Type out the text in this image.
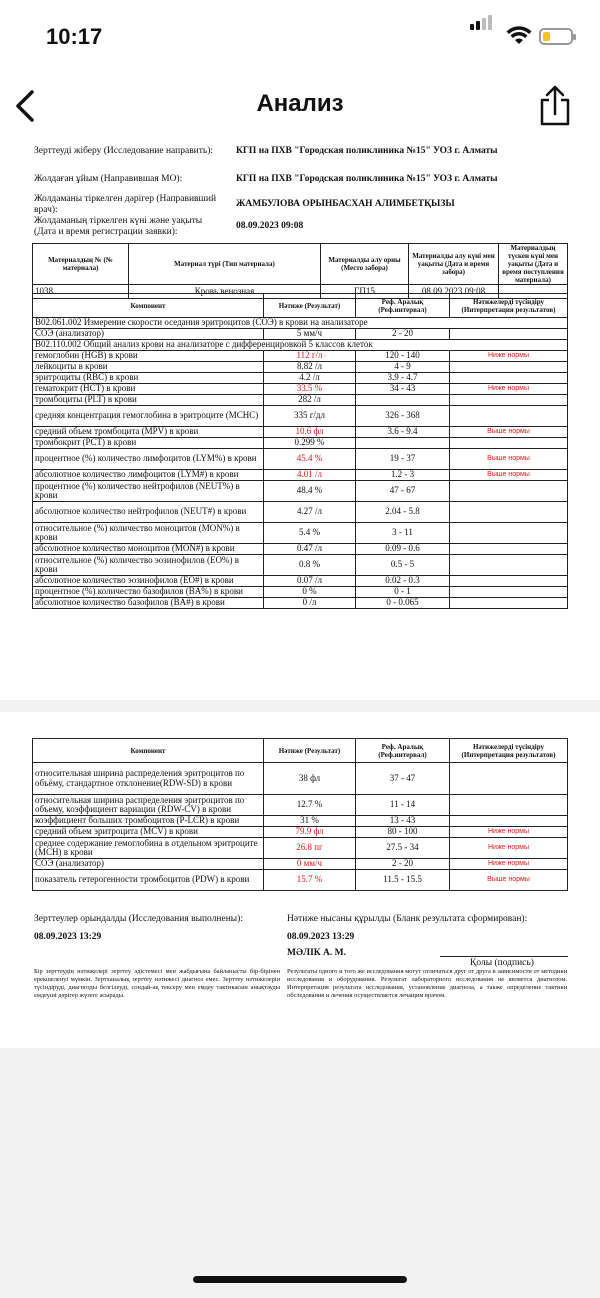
10:17
Анализ
Зерттеуді жіберу (Исследование направить): КГП на ПХВ "Городская поликлиника №15" УОЗ г. Алматы
Жолдаған ұйым (Направившая МО):	КГП на ПХВ "Городская поликлиника №15" УОЗ г. Алматы
Жолдаманы тіркелген дәрігер (Направивший
врач):
ЖАМБУЛОВА ОРЫНБАСХАН АЛИМБЕТҚЫЗЫ
Жолдаманың тіркелген күні және уақыты
(Дата и время регистрации заявки):
08.09.2023 09:08
Материалдың № (№ материала)	Материал түрі (Тип материала)	Материалды алу орны (Место забора)	Материалды алу күні мен уақыты (Дата и время забора)	Материалдың түскен күні мен уақыты (Дата и время поступления материала)
1038	Кровь венозная	ГП15	08.09.2023 09:08	
Компонент	Нәтиже (Результат)	Реф. Аралық (Реф.интервал)	Нәтижелерді түсіндіру (Интерпретация результатов)
В02.061.002 Измерение скорости оседания эритроцитов (СОЭ) в крови на анализаторе			
СОЭ (анализатор)	5 мм/ч	2 - 20	
В02.110.002 Общий анализ крови на анализаторе с дифференцировкой 5 классов клеток			
гемоглобин (HGB) в крови	112 г/л	120 - 140	Ниже нормы
лейкоциты в крови	8.82 /л	4 - 9	
эритроциты (RBC) в крови	4.2 /л	3.9 - 4.7	
гематокрит (HCT) в крови	33.5 %	34 - 43	Ниже нормы
тромбоциты (PLT) в крови	282 /л		
средняя концентрация гемоглобина в эритроците (MCHC)	335 г/дл	326 - 368	
средний объем тромбоцита (MPV) в крови	10.6 фл	3.6 - 9.4	Выше нормы
тромбокрит (PCT) в крови	0.299 %		
процентное (%) количество лимфоцитов (LYM%) в крови	45.4 %	19 - 37	Выше нормы
абсолютное количество лимфоцитов (LYM#) в крови	4.01 /л	1.2 - 3	Выше нормы
процентное (%) количество нейтрофилов (NEUT%) в крови	48.4 %	47 - 67	
абсолютное количество нейтрофилов (NEUT#) в крови	4.27 /л	2.04 - 5.8	
относительное (%) количество моноцитов (MON%) в крови	5.4 %	3 - 11	
абсолютное количество моноцитов (MON#) в крови	0.47 /л	0.09 - 0.6	
относительное (%) количество эозинофилов (EO%) в крови	0.8 %	0.5 - 5	
абсолютное количество эозинофилов (EO#) в крови	0.07 /л	0.02 - 0.3	
процентное (%) количество базофилов (BA%) в крови	0 %	0 - 1	
абсолютное количество базофилов (BA#) в крови	0 /л	0 - 0.065	
Компонент	Нәтиже (Результат)	Реф. Аралық (Реф.интервал)	Нәтижелерді түсіндіру (Интерпретация результатов)
относительная ширина распределения эритроцитов по объёму, стандартное отклонение(RDW-SD) в крови	38 фл	37 - 47	
относительная ширина распределения эритроцитов по объему, коэффициент вариации (RDW-CV) в крови	12.7 %	11 - 14	
коэффициент больших тромбоцитов (P-LCR) в крови	31 %	13 - 43	
средний объем эритроцита (MCV) в крови	79.9 фл	80 - 100	Ниже нормы
среднее содержание гемоглобина в отдельном эритроците (MCH) в крови	26.8 пг	27.5 - 34	Ниже нормы
СОЭ (анализатор)	0 мм/ч	2 - 20	Ниже нормы
показатель гетерогенности тромбоцитов (PDW) в крови	15.7 %	11.5 - 15.5	Выше нормы
Зерттеулер орындалды (Исследования выполнены):
08.09.2023 13:29
Нәтиже нысаны құрылды (Бланк результата сформирован):
08.09.2023 13:29
МӘЛІК А. М.
Қолы (подпись)
Бір зерттеудің нәтижелері зерттеу әдістемесі мен жабдығына байланысты бір-бірінен ерекшеленуі мүмкін. Зертханалық зерттеу нәтижесі диагноз емес. Зерттеу нәтижелерін түсіндіруді, диагнозды белгілеуді, сондай-ақ тексеру мен емдеу тактикасын анықтауды емдеуші дәрігер жүзеге асырады.
Результаты одного и того же исследования могут отличаться друг от друга в зависимости от методики исследования и оборудования. Результат лабораторного исследования не является диагнозом. Интерпретация результата исследования, установление диагноза, а также определение тактики обследования и лечения осуществляется лечащим врачом.
